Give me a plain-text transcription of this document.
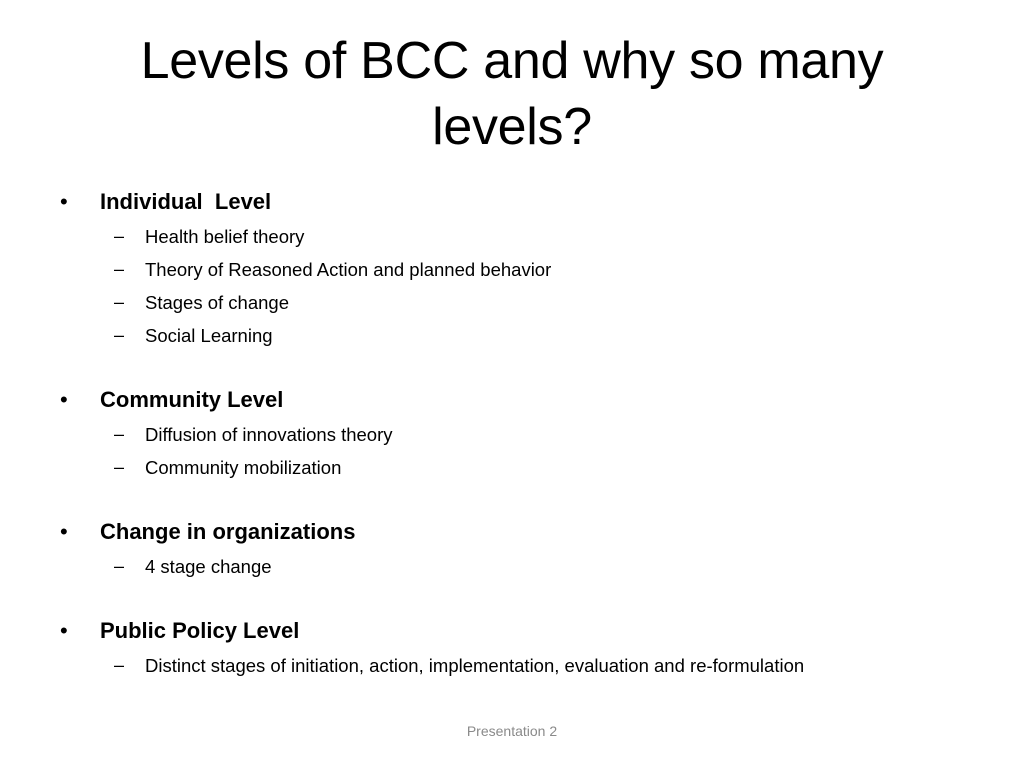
Levels of BCC and why so many levels?
•	Individual  Level
– Health belief theory
– Theory of Reasoned Action and planned behavior
– Stages of change
– Social Learning
•	Community Level
– Diffusion of innovations theory
– Community mobilization
•	Change in organizations
– 4 stage change
•	Public Policy Level
– Distinct stages of initiation, action, implementation, evaluation and re-formulation
Presentation 2
